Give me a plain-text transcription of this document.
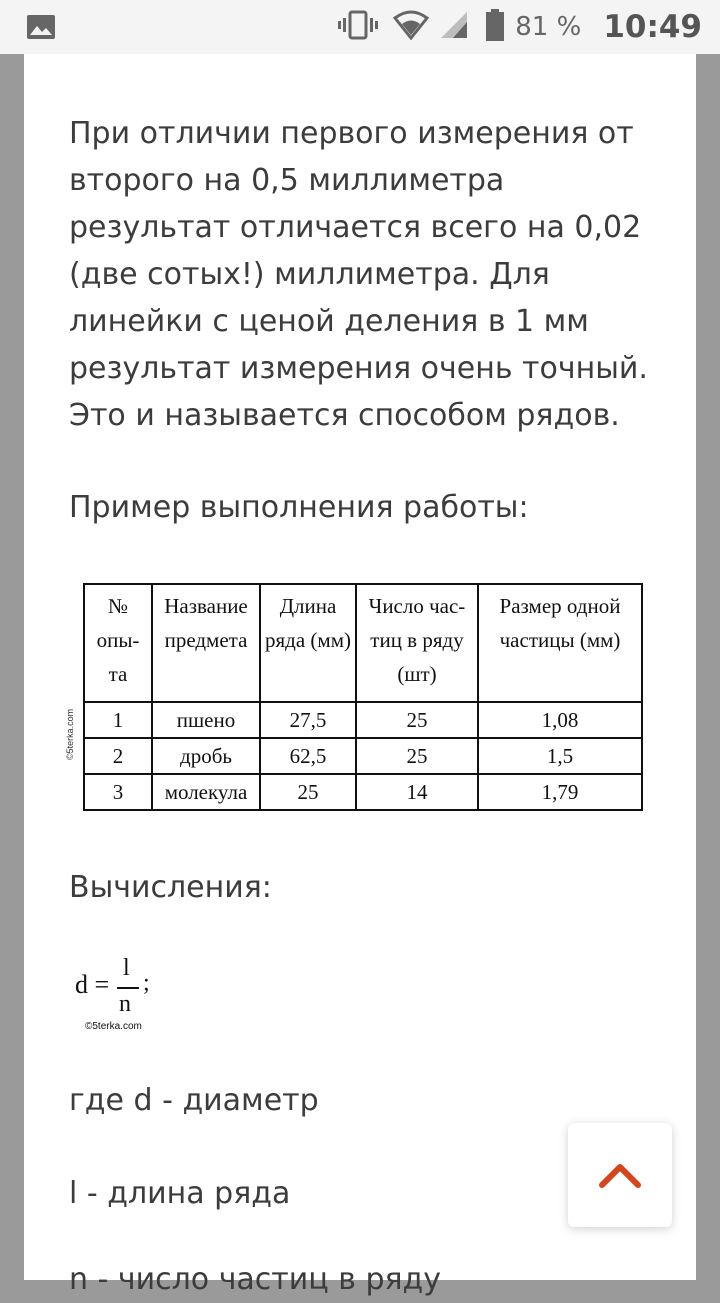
81 % 10:49
При отличии первого измерения от второго на 0,5 миллиметра результат отличается всего на 0,02 (две сотых!) миллиметра. Для линейки с ценой деления в 1 мм результат измерения очень точный. Это и называется способом рядов.
Пример выполнения работы:
№ опы- та	Название предмета	Длина ряда (мм)	Число час- тиц в ряду (шт)	Размер одной частицы (мм)
1	пшено	27,5	25	1,08
2	дробь	62,5	25	1,5
3	молекула	25	14	1,79
©5terka.com
Вычисления:
d =
l
n
;
©5terka.com
где d - диаметр
l - длина ряда
n - число частиц в ряду
